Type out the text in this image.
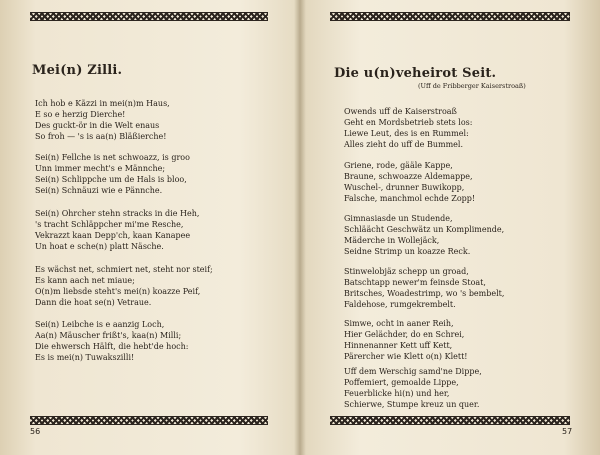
Mei(n) Zilli.
Ich hob e Kãzzi in mei(n)m Haus,
E so e herzig Dierche!
Des guckt-ör in die Welt enaus
So froh — 's is aa(n) Bläßierche!
Sei(n) Fellche is net schwoazz, is groo
Unn immer mecht's e Männche;
Sei(n) Schlippche um de Hals is bloo,
Sei(n) Schnäuzi wie e Pännche.
Sei(n) Ohrcher stehn stracks in die Heh,
's tracht Schläppcher mi'me Resche,
Vekrazzt kaan Depp'ch, kaan Kanapee
Un hoat e sche(n) platt Näsche.
Es wächst net, schmiert net, steht nor steif;
Es kann aach net miaue;
O(n)m liebsde steht's mei(n) koazze Peif,
Dann die hoat se(n) Vetraue.
Sei(n) Leibche is e aanzig Loch,
Aa(n) Mäuscher frißt's, kaa(n) Milli;
Die ehwersch Hälft, die hebt'de hoch:
Es is mei(n) Tuwakszilli!
56
Die u(n)veheirot Seit.
(Uff de Fribberger Kaiserstroaß)
Owends uff de Kaiserstroaß
Geht en Mordsbetrieb stets los:
Liewe Leut, des is en Rummel:
Alles zieht do uff de Bummel.
Griene, rode, gääle Kappe,
Braune, schwoazze Aldemappe,
Wuschel-, drunner Buwikopp,
Falsche, manchmol echde Zopp!
Gimnasiasde un Studende,
Schläächt Geschwätz un Komplimende,
Mäderche in Wollejäck,
Seidne Strimp un koazze Reck.
Stinwelobjäz schepp un groad,
Batschtapp newer'm feinsde Stoat,
Britsches, Woadestrimp, wo 's bembelt,
Faldehose, rumgekrembelt.
Simwe, ocht in aaner Reih,
Hier Gelächder, do en Schrei,
Hinnenanner Kett uff Kett,
Pärercher wie Klett o(n) Klett!
Uff dem Werschig samd'ne Dippe,
Poffemiert, gemoalde Lippe,
Feuerblicke hi(n) und her,
Schierwe, Stumpe kreuz un quer.
57
